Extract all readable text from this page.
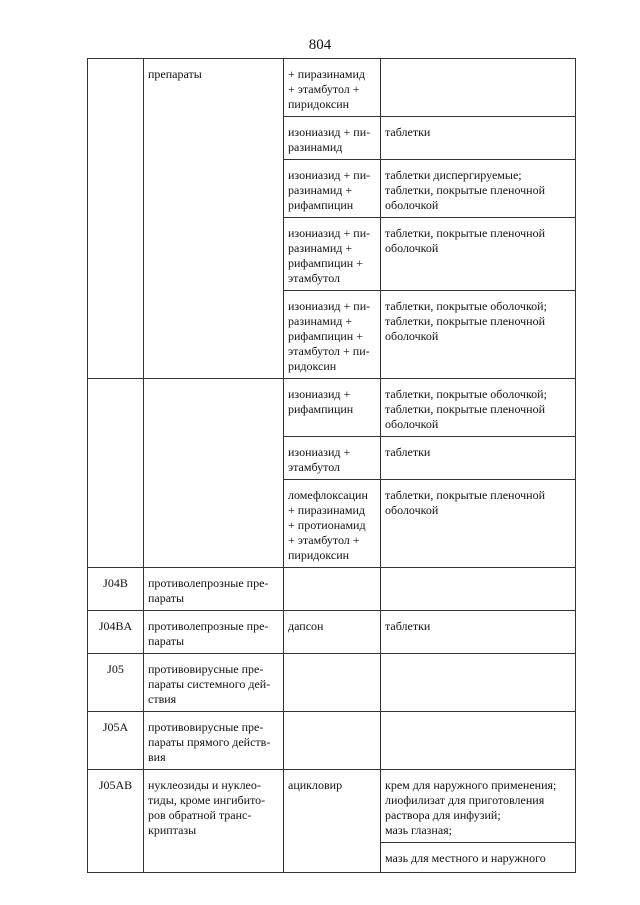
804
	препараты	+ пиразинамид
+ этамбутол +
пиридоксин	
		изониазид + пи-
разинамид	таблетки
		изониазид + пи-
разинамид +
рифампицин	таблетки диспергируемые;
таблетки, покрытые пленочной
оболочкой
		изониазид + пи-
разинамид +
рифампицин +
этамбутол	таблетки, покрытые пленочной
оболочкой
		изониазид + пи-
разинамид +
рифампицин +
этамбутол + пи-
ридоксин	таблетки, покрытые оболочкой;
таблетки, покрытые пленочной
оболочкой
		изониазид +
рифампицин	таблетки, покрытые оболочкой;
таблетки, покрытые пленочной
оболочкой
		изониазид +
этамбутол	таблетки
		ломефлоксацин
+ пиразинамид
+ протионамид
+ этамбутол +
пиридоксин	таблетки, покрытые пленочной
оболочкой
J04B	противолепрозные пре-
параты		
J04BA	противолепрозные пре-
параты	дапсон	таблетки
J05	противовирусные пре-
параты системного дей-
ствия		
J05A	противовирусные пре-
параты прямого действ-
вия		
J05AB	нуклеозиды и нуклео-
тиды, кроме ингибито-
ров обратной транс-
криптазы	ацикловир	крем для наружного применения;
лиофилизат для приготовления
раствора для инфузий;
мазь глазная;
			мазь для местного и наружного
